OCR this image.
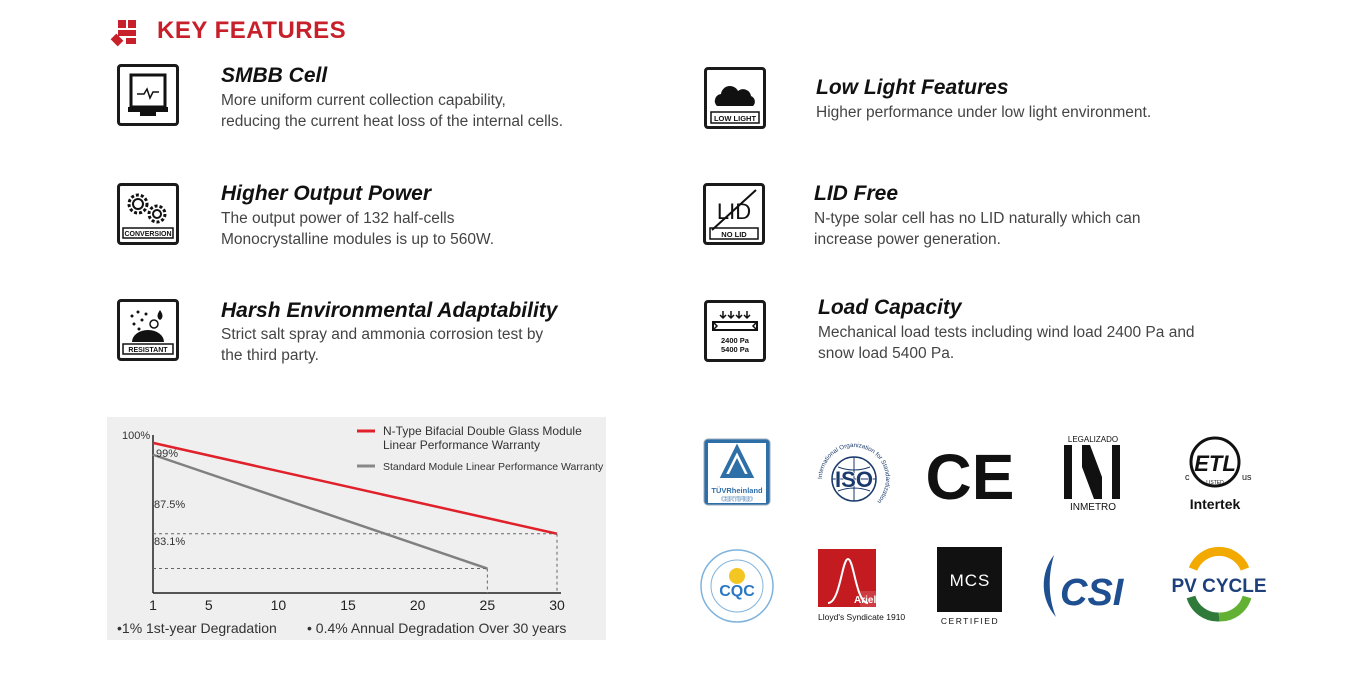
KEY FEATURES
SMBB Cell
More uniform current collection capability,
reducing the current heat loss of the internal cells.	LOW LIGHT
Low Light Features
Higher performance under low light environment.
CONVERSION
Higher Output Power
The output power of 132 half-cells
Monocrystalline modules is up to 560W.
LID
NO LID
LID Free
N-type solar cell has no LID naturally which can
increase power generation.
RESISTANT
Harsh Environmental Adaptability
Strict salt spray and ammonia corrosion test by
the third party.
2400 Pa
5400 Pa
Load Capacity
Mechanical load tests including wind load 2400 Pa and
snow load 5400 Pa.
1	5	10	15	20	25	30
100%
99%
87.5%
83.1%
N-Type Bifacial Double Glass Module
Linear Performance Warranty
Standard Module Linear Performance Warranty
•1% 1st-year Degradation • 0.4% Annual Degradation Over 30 years
TÜVRheinland
CERTIFIED
International Organization for Standardization
ISO CE
LEGALIZADO
INMETRO
ETL
c	us
LISTED
Intertek
CQC
Ariel Re
Lloyd's Syndicate 1910
MCS
CERTIFIED
CSI	PV CYCLE
